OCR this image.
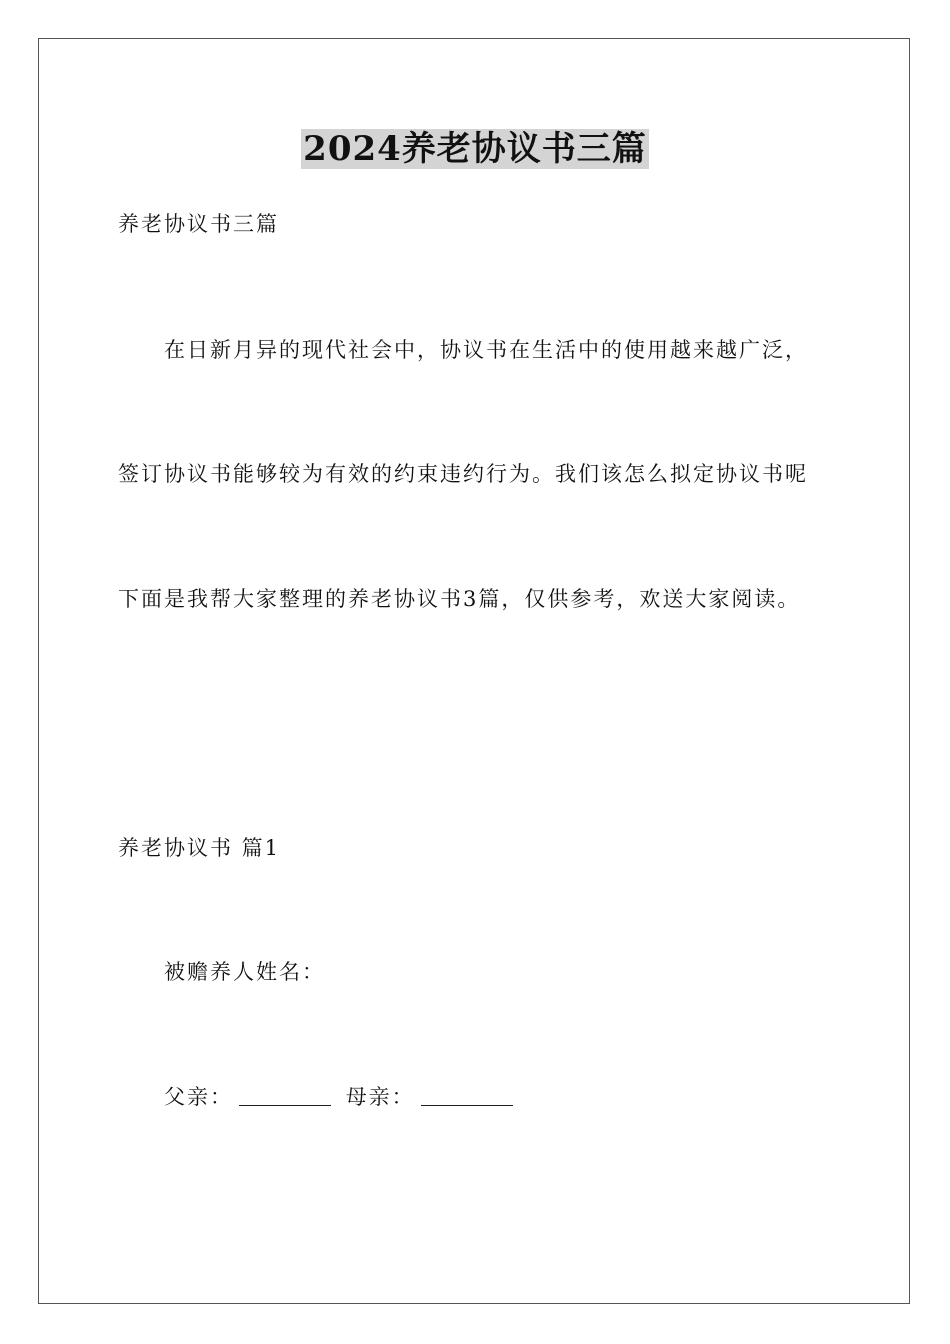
2024养老协议书三篇
养老协议书三篇
在日新月异的现代社会中，协议书在生活中的使用越来越广泛，
签订协议书能够较为有效的约束违约行为。我们该怎么拟定协议书呢
下面是我帮大家整理的养老协议书3篇，仅供参考，欢送大家阅读。
养老协议书 篇1
被赡养人姓名：
父亲：	母亲：
